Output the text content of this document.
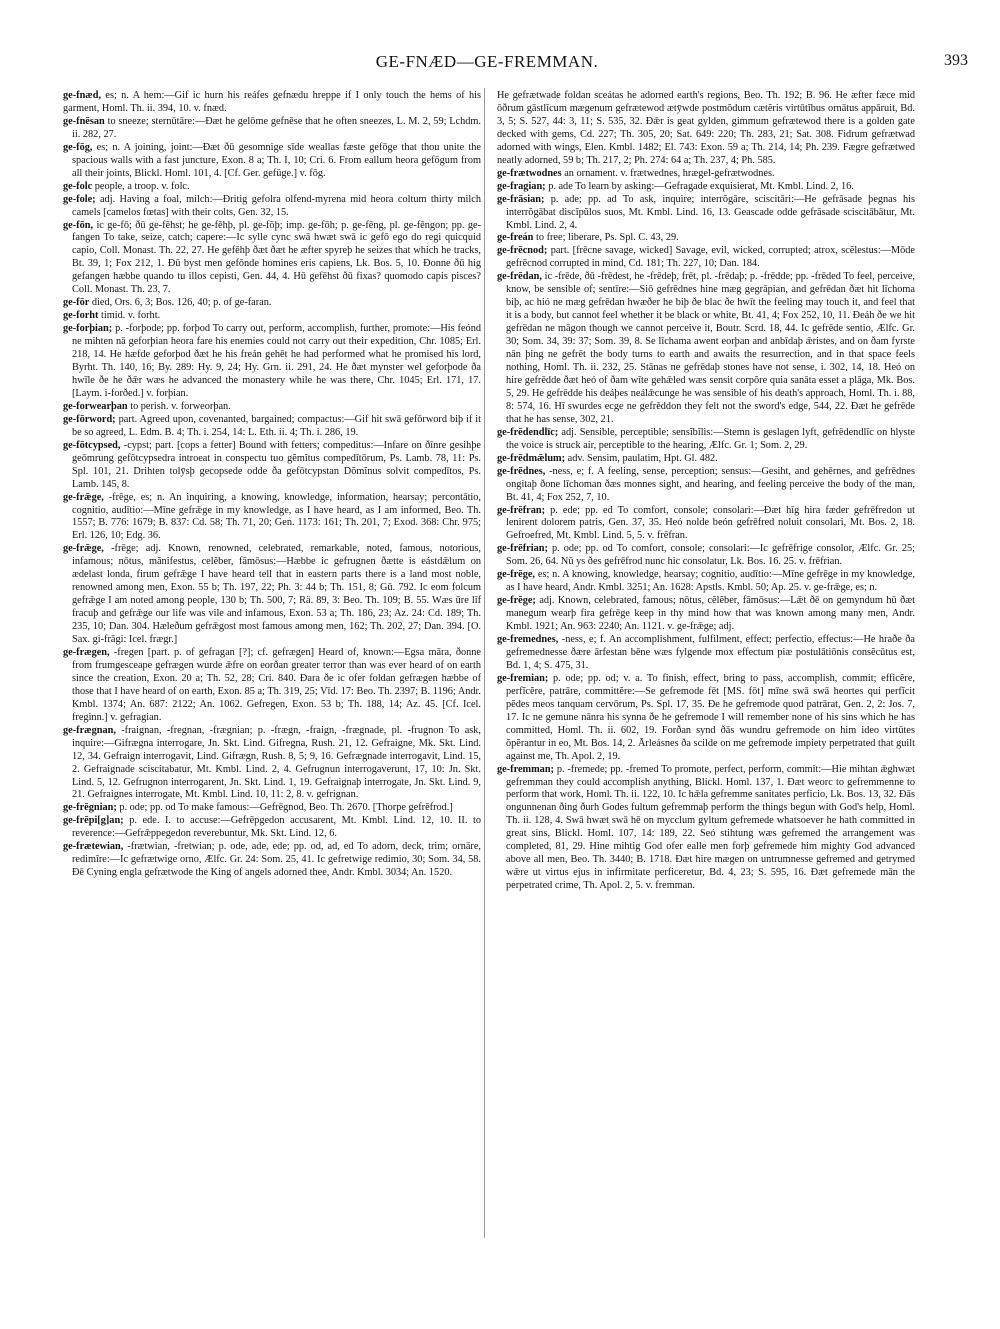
GE-FNÆD—GE-FREMMAN.	393

ge-fnæd, es; n. A hem:—Gif ic hurn his reáfes gefnædu hreppe if I only touch the hems of his garment, Homl. Th. ii. 394, 10. v. fnæd.

ge-fnēsan to sneeze; sternūtāre:—Ðæt he gelōme gefnēse that he often sneezes, L. M. 2, 59; Lchdm. ii. 282, 27.

ge-fōg, es; n. A joining, joint:—Ðæt ðū gesomnige sīde weallas fæste gefōge that thou unite the spacious walls with a fast juncture, Exon. 8 a; Th. I, 10; Cri. 6. From eallum heora gefōgum from all their joints, Blickl. Homl. 101, 4. [Cf. Ger. gefüge.] v. fōg.

ge-folc people, a troop. v. folc.

ge-fole; adj. Having a foal, milch:—Ðritig gefolra olfend-myrena mid heora coltum thirty milch camels [camelos fœtas] with their colts, Gen. 32, 15.

ge-fōn, ic ge-fō; ðū ge-fēhst; he ge-fēhþ, pl. ge-fōþ; imp. ge-fōh; p. ge-fēng, pl. ge-fēngon; pp. ge-fangen To take, seize, catch; capere:—Ic sylle cync swā hwæt swā ic gefō ego do regi quicquid capio, Coll. Monast. Th. 22, 27. He gefēhþ ðæt ðæt he æfter spyreþ he seizes that which he tracks, Bt. 39, 1; Fox 212, 1. Ðū byst men gefōnde homines eris capiens, Lk. Bos. 5, 10. Ðonne ðū hig gefangen hæbbe quando tu illos cepisti, Gen. 44, 4. Hū gefēhst ðū fixas? quomodo capis pisces? Coll. Monast. Th. 23, 7.

ge-fōr died, Ors. 6, 3; Bos. 126, 40; p. of ge-faran.

ge-forht timid. v. forht.

ge-forþian; p. -forþode; pp. forþod To carry out, perform, accomplish, further, promote:—His feónd ne mihten nā geforþian heora fare his enemies could not carry out their expedition, Chr. 1085; Erl. 218, 14. He hæfde geforþod ðæt he his freán gehēt he had performed what he promised his lord, Byrht. Th. 140, 16; By. 289: Hy. 9, 24; Hy. Grn. ii. 291, 24. He ðæt mynster wel geforþode ða hwīle ðe he ðǣr wæs he advanced the monastery while he was there, Chr. 1045; Erl. 171, 17. [Laym. i-forðed.] v. forþian.

ge-forwearþan to perish. v. forweorþan.

ge-fōrword; part. Agreed upon, covenanted, bargained; compactus:—Gif hit swā gefōrword biþ if it be so agreed, L. Edm. B. 4; Th. i. 254, 14: L. Eth. ii. 4; Th. i. 286, 19.

ge-fōtcypsed, -cypst; part. [cops a fetter] Bound with fetters; compeditus:—Infare on ðīnre gesihþe geōmrung gefōtcypsedra introeat in conspectu tuo gĕmĭtus compedītōrum, Ps. Lamb. 78, 11: Ps. Spl. 101, 21. Drihten tolȳsþ gecopsede odde ða gefōtcypstan Dŏmĭnus solvit compedītos, Ps. Lamb. 145, 8.

ge-frǣge, -frēge, es; n. An inquiring, a knowing, knowledge, information, hearsay; percontātio, cognitio, audītio:—Mīne gefrǣge in my knowledge, as I have heard, as I am informed, Beo. Th. 1557; B. 776: 1679; B. 837: Cd. 58; Th. 71, 20; Gen. 1173: 161; Th. 201, 7; Exod. 368: Chr. 975; Erl. 126, 10; Edg. 36.

ge-frǣge, -frēge; adj. Known, renowned, celebrated, remarkable, noted, famous, notorious, infamous; nōtus, mănifestus, celĕber, fāmōsus:—Hæbbe ic gefrugnen ðætte is eástdǣlum on ædelast londa, firum gefrǣge I have heard tell that in eastern parts there is a land most noble, renowned among men, Exon. 55 b; Th. 197, 22; Ph. 3: 44 b; Th. 151, 8; Gū. 792. Ic eom folcum gefrǣge I am noted among people, 130 b; Th. 500, 7; Rä. 89, 3: Beo. Th. 109; B. 55. Wæs ūre līf fracuþ and gefrǣge our life was vile and infamous, Exon. 53 a; Th. 186, 23; Az. 24: Cd. 189; Th. 235, 10; Dan. 304. Hæleðum gefrǣgost most famous among men, 162; Th. 202, 27; Dan. 394. [O. Sax. gi-frāgi: Icel. frægr.]

ge-frægen, -fregen [part. p. of gefragan [?]; cf. gefrægen] Heard of, known:—Egsa māra, ðonne from frumgesceape gefrægen wurde ǣfre on eorðan greater terror than was ever heard of on earth since the creation, Exon. 20 a; Th. 52, 28; Cri. 840. Ðara ðe ic ofer foldan gefrægen hæbbe of those that I have heard of on earth, Exon. 85 a; Th. 319, 25; Vīd. 17: Beo. Th. 2397; B. 1196; Andr. Kmbl. 1374; An. 687: 2122; An. 1062. Gefregen, Exon. 53 b; Th. 188, 14; Az. 45. [Cf. Icel. freginn.] v. gefragian.

ge-frægnan, -fraignan, -fregnan, -frægnian; p. -frægn, -fraign, -frægnade, pl. -frugnon To ask, inquire:—Gifrægna interrogare, Jn. Skt. Lind. Gifregna, Rush. 21, 12. Gefraigne, Mk. Skt. Lind. 12, 34. Gefraign interrogavit, Lind. Gifrægn, Rush. 8, 5; 9, 16. Gefrægnade interrogavit, Lind. 15, 2. Gefraignade sciscitabatur, Mt. Kmbl. Lind. 2, 4. Gefrugnun interrogaverunt, 17, 10: Jn. Skt. Lind. 5, 12. Gefrugnon interrogarent, Jn. Skt. Lind. 1, 19. Gefraignaþ interrogate, Jn. Skt. Lind. 9, 21. Gefraignes interrogate, Mt. Kmbl. Lind. 10, 11: 2, 8. v. gefrignan.

ge-frēgnian; p. ode; pp. od To make famous:—Gefrēgnod, Beo. Th. 2670. [Thorpe gefrēfrod.]

ge-frēpi[g]an; p. ede. I. to accuse:—Gefrēpgedon accusarent, Mt. Kmbl. Lind. 12, 10. II. to reverence:—Gefrǣppegedon reverebuntur, Mk. Skt. Lind. 12, 6.

ge-frætewian, -frætwian, -fretwian; p. ode, ade, ede; pp. od, ad, ed To adorn, deck, trim; ornāre, redimīre:—Ic gefrætwige orno, Ælfc. Gr. 24: Som. 25, 41. Ic gefretwige redimio, 30; Som. 34, 58. Ðē Cyning engla gefrætwode the King of angels adorned thee, Andr. Kmbl. 3034; An. 1520.

He gefrætwade foldan sceátas he adorned earth's regions, Beo. Th. 192; B. 96. He æfter fæce mid ōðrum gāstlīcum mægenum gefrætewod ætȳwde postmŏdum cætĕris virtūtĭbus ornātus appāruit, Bd. 3, 5; S. 527, 44: 3, 11; S. 535, 32. Ðǣr is geat gylden, gimmum gefrætewod there is a golden gate decked with gems, Cd. 227; Th. 305, 20; Sat. 649: 220; Th. 283, 21; Sat. 308. Fidrum gefrætwad adorned with wings, Elen. Kmbl. 1482; El. 743: Exon. 59 a; Th. 214, 14; Ph. 239. Fægre gefrætwed neatly adorned, 59 b; Th. 217, 2; Ph. 274: 64 a; Th. 237, 4; Ph. 585.

ge-frætwodnes an ornament. v. frætwednes, hrægel-gefrætwodnes.

ge-fragian; p. ade To learn by asking:—Gefragade exquisierat, Mt. Kmbl. Lind. 2, 16.

ge-frāsian; p. ade; pp. ad To ask, inquire; interrŏgāre, sciscitāri:—He gefrāsade þegnas his interrŏgābat discĭpŭlos suos, Mt. Kmbl. Lind. 16, 13. Geascade odde gefrāsade sciscitābātur, Mt. Kmbl. Lind. 2, 4.

ge-freán to free; liberare, Ps. Spl. C. 43, 29.

ge-frēcnod; part. [frēcne savage, wicked] Savage, evil, wicked, corrupted; atrox, scĕlestus:—Mōde gefrēcnod corrupted in mind, Cd. 181; Th. 227, 10; Dan. 184.

ge-frēdan, ic -frēde, ðū -frēdest, he -frēdeþ, frēt, pl. -frēdaþ; p. -frēdde; pp. -frēded To feel, perceive, know, be sensible of; sentīre:—Siō gefrēdnes hine mæg gegrāpian, and gefrēdan ðæt hit līchoma biþ, ac hió ne mæg gefrēdan hwæðer he biþ ðe blac ðe hwīt the feeling may touch it, and feel that it is a body, but cannot feel whether it be black or white, Bt. 41, 4; Fox 252, 10, 11. Ðeáh ðe we hit gefrēdan ne māgon though we cannot perceive it, Boutr. Scrd. 18, 44. Ic gefrēde sentio, Ælfc. Gr. 30; Som. 34, 39: 37; Som. 39, 8. Se līchama awent eorþan and anbīdaþ ǣristes, and on ðam fyrste nān þing ne gefrēt the body turns to earth and awaits the resurrection, and in that space feels nothing, Homl. Th. ii. 232, 25. Stānas ne gefrēdaþ stones have not sense, i. 302, 14, 18. Heó on hire gefrēdde ðæt heó of ðam wīte gehǣled wæs sensit corpŏre quia sanāta esset a plāga, Mk. Bos. 5, 29. He gefrēdde his deáþes neálǣcunge he was sensible of his death's approach, Homl. Th. i. 88, 8: 574, 16. Hī swurdes ecge ne gefrēddon they felt not the sword's edge, 544, 22. Ðæt he gefrēde that he has sense, 302, 21.

ge-frēdendlīc; adj. Sensible, perceptible; sensĭbĭlis:—Stemn is geslagen lyft, gefrēdendlīc on hlyste the voice is struck air, perceptible to the hearing, Ælfc. Gr. 1; Som. 2, 29.

ge-frēdmǣlum; adv. Sensim, paulatim, Hpt. Gl. 482.

ge-frēdnes, -ness, e; f. A feeling, sense, perception; sensus:—Gesiht, and gehērnes, and gefrēdnes ongitaþ ðone līchoman ðæs monnes sight, and hearing, and feeling perceive the body of the man, Bt. 41, 4; Fox 252, 7, 10.

ge-frēfran; p. ede; pp. ed To comfort, console; consolari:—Ðæt hīg hira fæder gefrēfredon ut lenirent dolorem patris, Gen. 37, 35. Heó nolde beón gefrēfred noluit consolari, Mt. Bos. 2, 18. Gefroefred, Mt. Kmbl. Lind. 5, 5. v. frēfran.

ge-frēfrian; p. ode; pp. od To comfort, console; consolari:—Ic gefrēfrige consolor, Ælfc. Gr. 25; Som. 26, 64. Nū ys ðes gefrēfrod nunc hic consolatur, Lk. Bos. 16. 25. v. frēfrian.

ge-frēge, es; n. A knowing, knowledge, hearsay; cognitio, audītio:—Mīne gefrēge in my knowledge, as I have heard, Andr. Kmbl. 3251; An. 1628: Apstls. Kmbl. 50; Ap. 25. v. ge-frǣge, es; n.

ge-frēge; adj. Known, celebrated, famous; nōtus, cĕlĕber, fāmōsus:—Lǣt ðē on gemyndum hū ðæt manegum wearþ fira gefrēge keep in thy mind how that was known among many men, Andr. Kmbl. 1921; An. 963: 2240; An. 1121. v. ge-frǣge; adj.

ge-fremednes, -ness, e; f. An accomplishment, fulfilment, effect; perfectio, effectus:—He hraðe ða gefremednesse ðære ārfestan bēne wæs fylgende mox effectum piæ postulātiōnis consĕcūtus est, Bd. 1, 4; S. 475, 31.

ge-fremian; p. ode; pp. od; v. a. To finish, effect, bring to pass, accomplish, commit; efficĕre, perfĭcĕre, patrāre, committĕre:—Se gefremode fēt [MS. fōt] mīne swā swā heortes qui perfĭcit pĕdes meos tanquam cervōrum, Ps. Spl. 17, 35. Ðe he gefremode quod patrārat, Gen. 2, 2: Jos. 7, 17. Ic ne gemune nānra his synna ðe he gefremode I will remember none of his sins which he has committed, Homl. Th. ii. 602, 19. Forðan synd ðās wundru gefremode on him ideo virtūtes ŏpĕrantur in eo, Mt. Bos. 14, 2. Ārleásnes ða scilde on me gefremode impiety perpetrated that guilt against me, Th. Apol. 2, 19.

ge-fremman; p. -fremede; pp. -fremed To promote, perfect, perform, commit:—Hie mihtan ǣghwæt gefremman they could accomplish anything, Blickl. Homl. 137, 1. Ðæt weorc to gefremmenne to perform that work, Homl. Th. ii. 122, 10. Ic hǣla gefremme sanitates perficio, Lk. Bos. 13, 32. Ðās ongunnenan ðing ðurh Godes fultum gefremmaþ perform the things begun with God's help, Homl. Th. ii. 128, 4. Swā hwæt swā hē on mycclum gyltum gefremede whatsoever he hath committed in great sins, Blickl. Homl. 107, 14: 189, 22. Seó stihtung wæs gefremed the arrangement was completed, 81, 29. Hine mihtig God ofer ealle men forþ gefremede him mighty God advanced above all men, Beo. Th. 3440; B. 1718. Ðæt hire mægen on untrumnesse gefremed and getrymed wǣre ut virtus ejus in infirmitate perficeretur, Bd. 4, 23; S. 595, 16. Ðæt gefremede mān the perpetrated crime, Th. Apol. 2, 5. v. fremman.
